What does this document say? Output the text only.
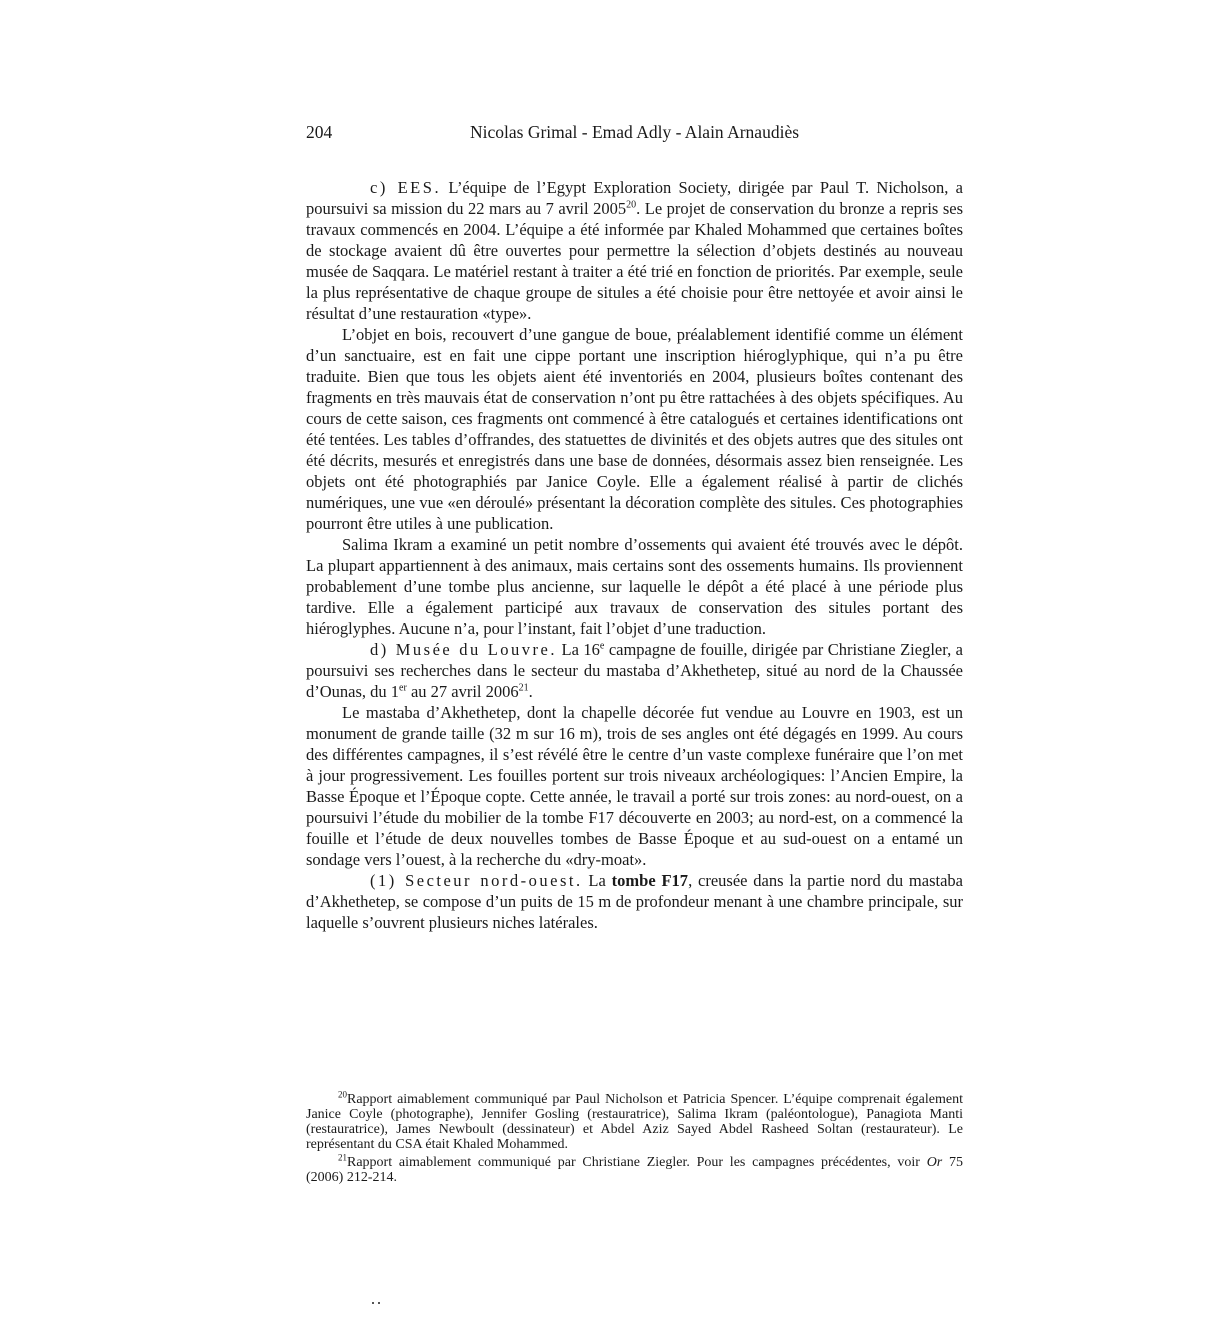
204	Nicolas Grimal - Emad Adly - Alain Arnaudiès

c) EES. L’équipe de l’Egypt Exploration Society, dirigée par Paul T. Nicholson, a poursuivi sa mission du 22 mars au 7 avril 2005$^{20}$. Le projet de conservation du bronze a repris ses travaux commencés en 2004. L’équipe a été informée par Khaled Mohammed que certaines boîtes de stockage avaient dû être ouvertes pour permettre la sélection d’objets destinés au nouveau musée de Saqqara. Le matériel restant à traiter a été trié en fonction de priorités. Par exemple, seule la plus représentative de chaque groupe de situles a été choisie pour être nettoyée et avoir ainsi le résultat d’une restauration «type».

L’objet en bois, recouvert d’une gangue de boue, préalablement identifié comme un élément d’un sanctuaire, est en fait une cippe portant une inscription hiéroglyphique, qui n’a pu être traduite. Bien que tous les objets aient été inventoriés en 2004, plusieurs boîtes contenant des fragments en très mauvais état de conservation n’ont pu être rattachées à des objets spécifiques. Au cours de cette saison, ces fragments ont commencé à être catalogués et certaines identifications ont été tentées. Les tables d’offrandes, des statuettes de divinités et des objets autres que des situles ont été décrits, mesurés et enregistrés dans une base de données, désormais assez bien renseignée. Les objets ont été photographiés par Janice Coyle. Elle a également réalisé à partir de clichés numériques, une vue «en déroulé» présentant la décoration complète des situles. Ces photographies pourront être utiles à une publication.

Salima Ikram a examiné un petit nombre d’ossements qui avaient été trouvés avec le dépôt. La plupart appartiennent à des animaux, mais certains sont des ossements humains. Ils proviennent probablement d’une tombe plus ancienne, sur laquelle le dépôt a été placé à une période plus tardive. Elle a également participé aux travaux de conservation des situles portant des hiéroglyphes. Aucune n’a, pour l’instant, fait l’objet d’une traduction.

d) Musée du Louvre. La 16e campagne de fouille, dirigée par Christiane Ziegler, a poursuivi ses recherches dans le secteur du mastaba d’Akhethetep, situé au nord de la Chaussée d’Ounas, du 1er au 27 avril 2006$^{21}$.

Le mastaba d’Akhethetep, dont la chapelle décorée fut vendue au Louvre en 1903, est un monument de grande taille (32 m sur 16 m), trois de ses angles ont été dégagés en 1999. Au cours des différentes campagnes, il s’est révélé être le centre d’un vaste complexe funéraire que l’on met à jour progressivement. Les fouilles portent sur trois niveaux archéologiques: l’Ancien Empire, la Basse Époque et l’Époque copte. Cette année, le travail a porté sur trois zones: au nord-ouest, on a poursuivi l’étude du mobilier de la tombe F17 découverte en 2003; au nord-est, on a commencé la fouille et l’étude de deux nouvelles tombes de Basse Époque et au sud-ouest on a entamé un sondage vers l’ouest, à la recherche du «dry-moat».

(1) Secteur nord-ouest. La tombe F17, creusée dans la partie nord du mastaba d’Akhethetep, se compose d’un puits de 15 m de profondeur menant à une chambre principale, sur laquelle s’ouvrent plusieurs niches latérales.

$^{20}$Rapport aimablement communiqué par Paul Nicholson et Patricia Spencer. L’équipe comprenait également Janice Coyle (photographe), Jennifer Gosling (restauratrice), Salima Ikram (paléontologue), Panagiota Manti (restauratrice), James Newboult (dessinateur) et Abdel Aziz Sayed Abdel Rasheed Soltan (restaurateur). Le représentant du CSA était Khaled Mohammed.

$^{21}$Rapport aimablement communiqué par Christiane Ziegler. Pour les campagnes précédentes, voir Or 75 (2006) 212-214.
